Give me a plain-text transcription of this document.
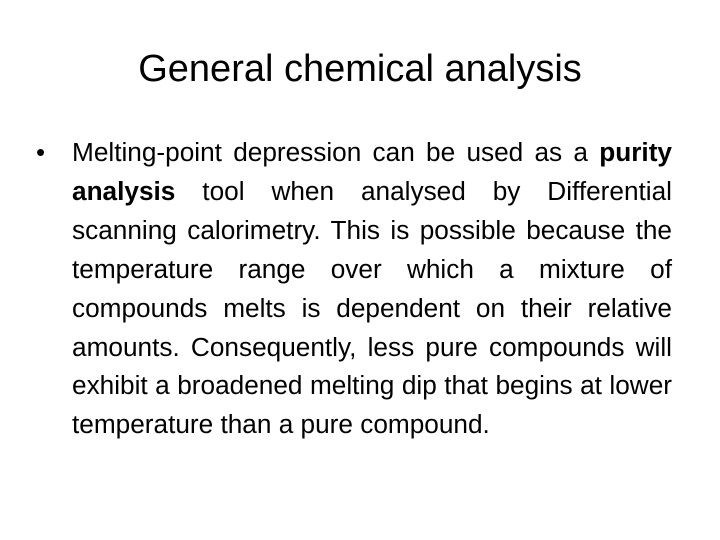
General chemical analysis
•	Melting-point depression can be used as a purity analysis tool when analysed by Differential scanning calorimetry. This is possible because the temperature range over which a mixture of compounds melts is dependent on their relative amounts. Consequently, less pure compounds will exhibit a broadened melting dip that begins at lower temperature than a pure compound.
